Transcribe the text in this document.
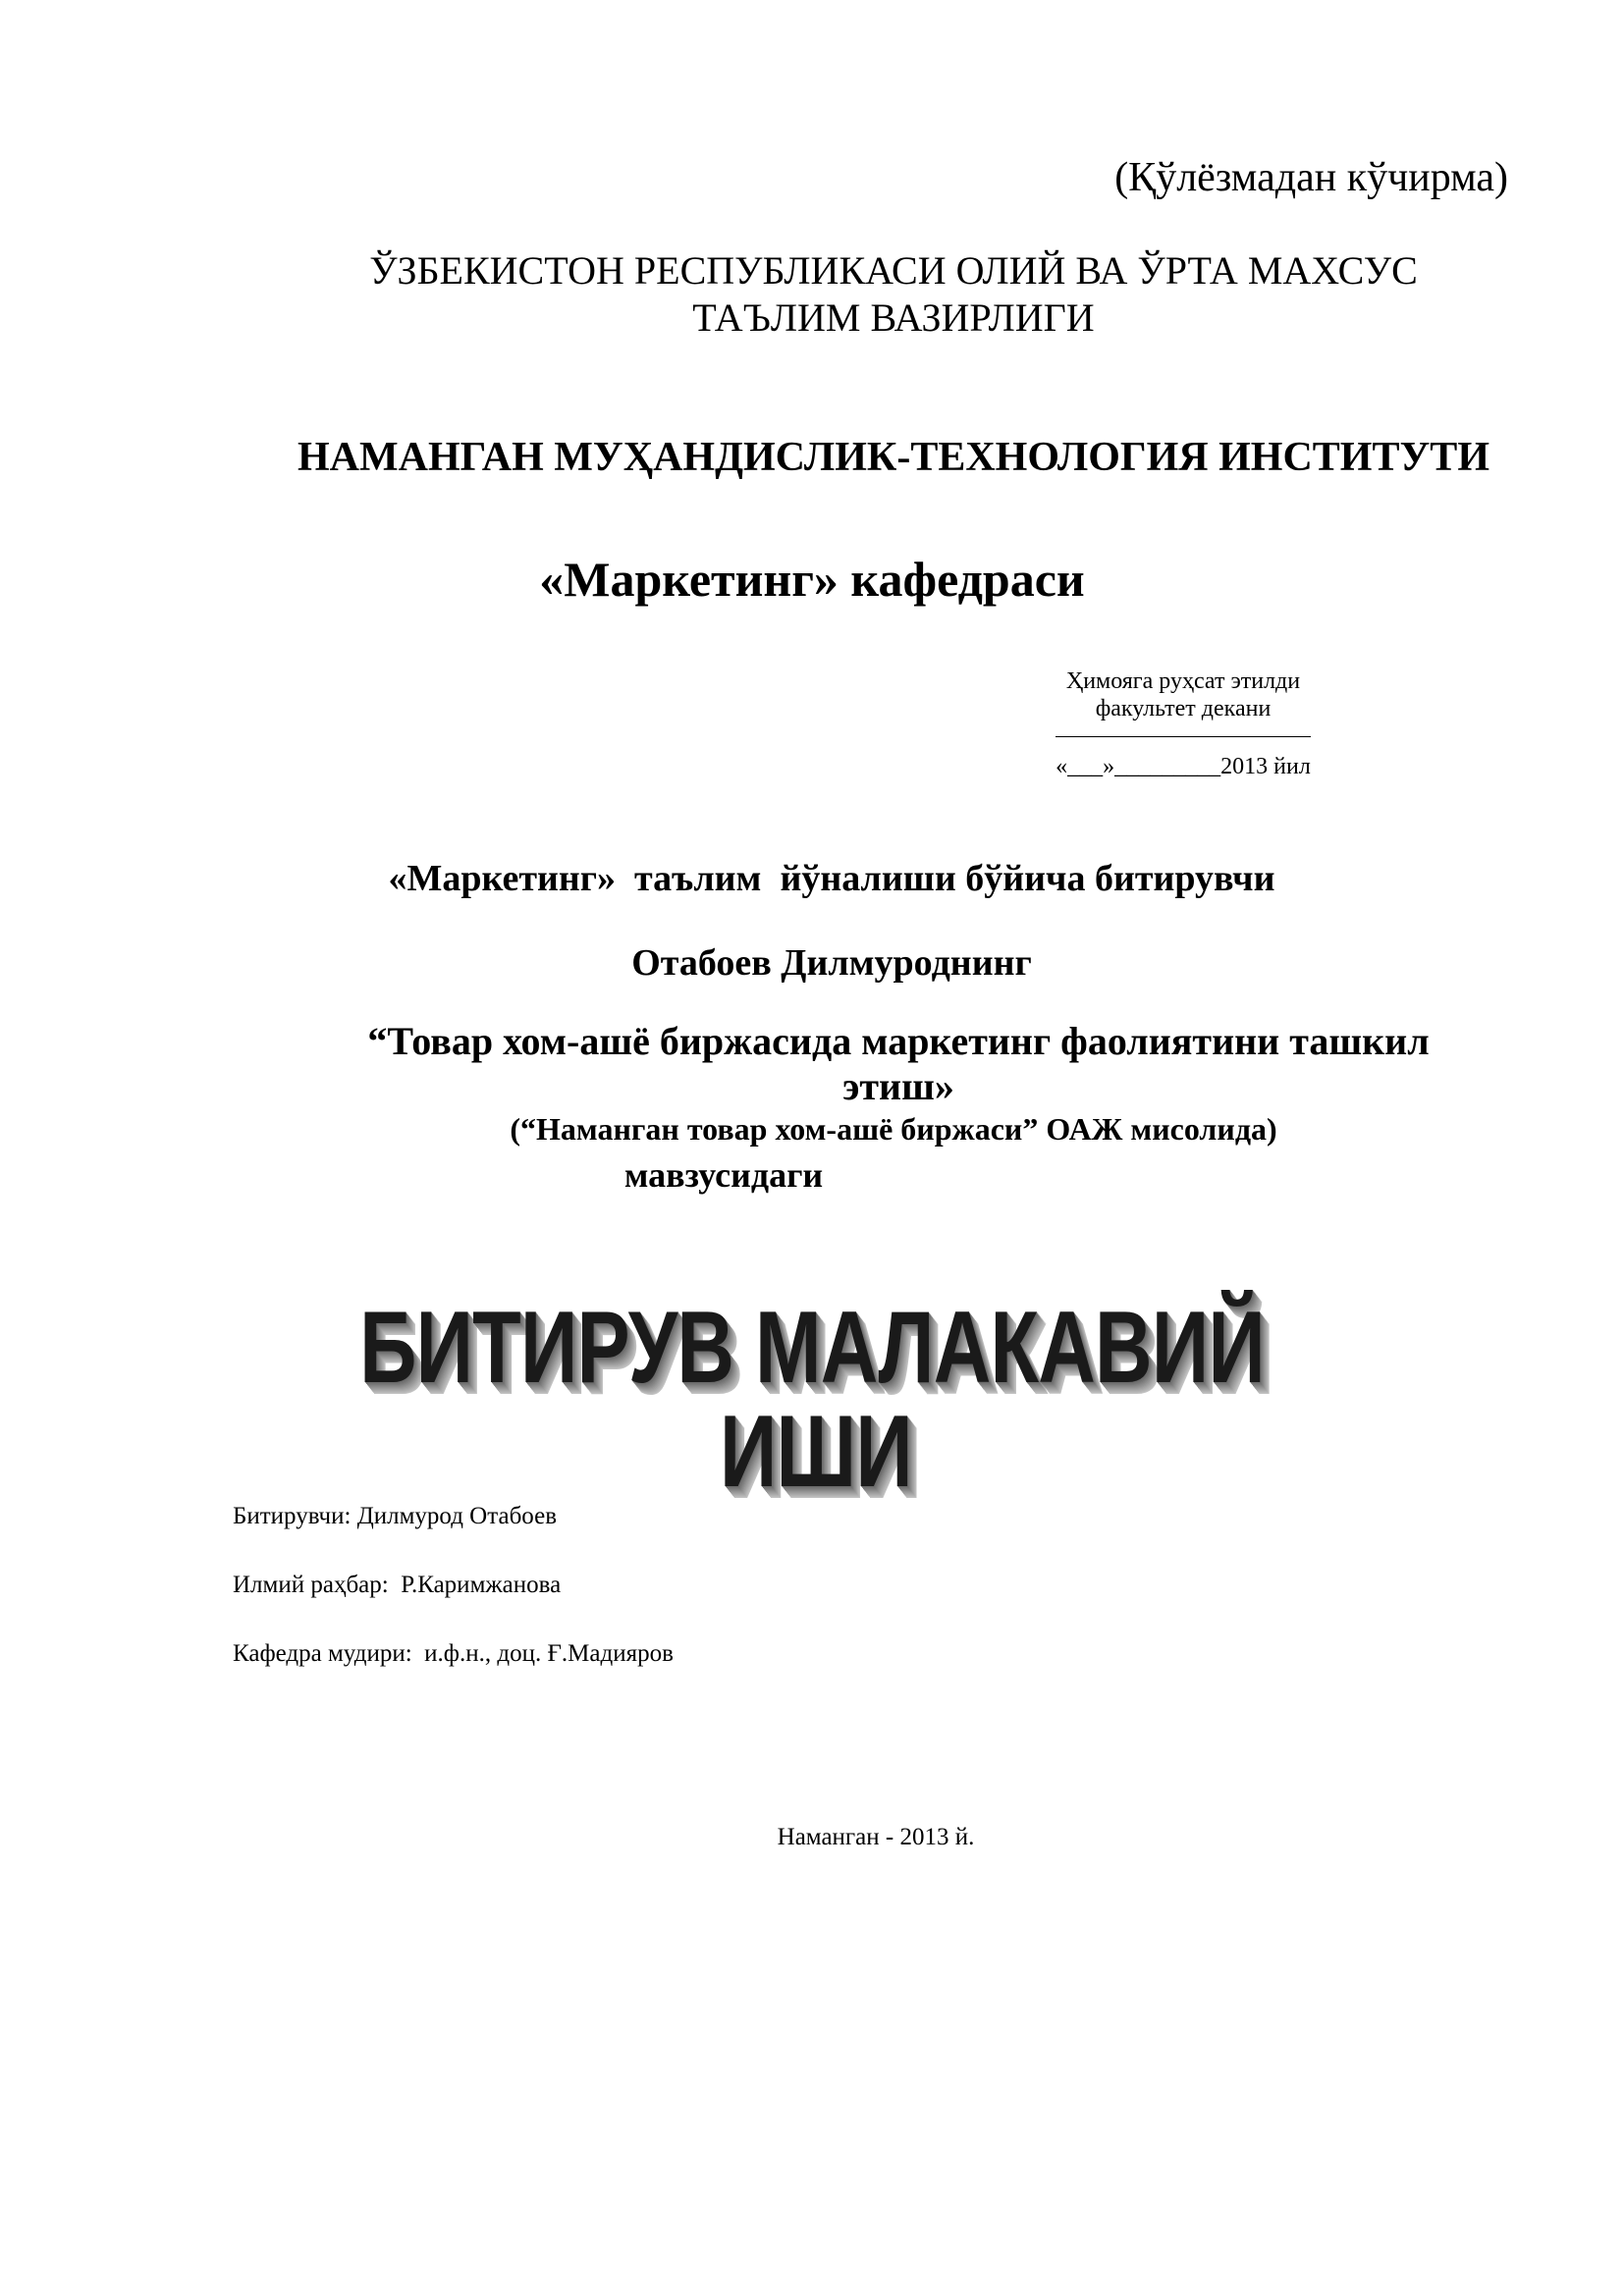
(Қўлёзмадан кўчирма)

ЎЗБЕКИСТОН РЕСПУБЛИКАСИ ОЛИЙ ВА ЎРТА МАХСУС
ТАЪЛИМ ВАЗИРЛИГИ

НАМАНГАН МУҲАНДИСЛИК-ТЕХНОЛОГИЯ ИНСТИТУТИ

«Маркетинг» кафедраси

Ҳимояга руҳсат этилди
факультет декани
«___»_________2013 йил

«Маркетинг»  таълим  йўналиши бўйича битирувчи

Отабоев Дилмуроднинг

“Товар хом-ашё биржасида маркетинг фаолиятини ташкил
этиш»

(“Наманган товар хом-ашё биржаси” ОАЖ мисолида)

мавзусидаги

БИТИРУВ МАЛАКАВИЙ
ИШИ

Битирувчи: Дилмурод Отабоев

Илмий раҳбар:  Р.Каримжанова

Кафедра мудири:  и.ф.н., доц. Ғ.Мадияров

Наманган - 2013 й.
